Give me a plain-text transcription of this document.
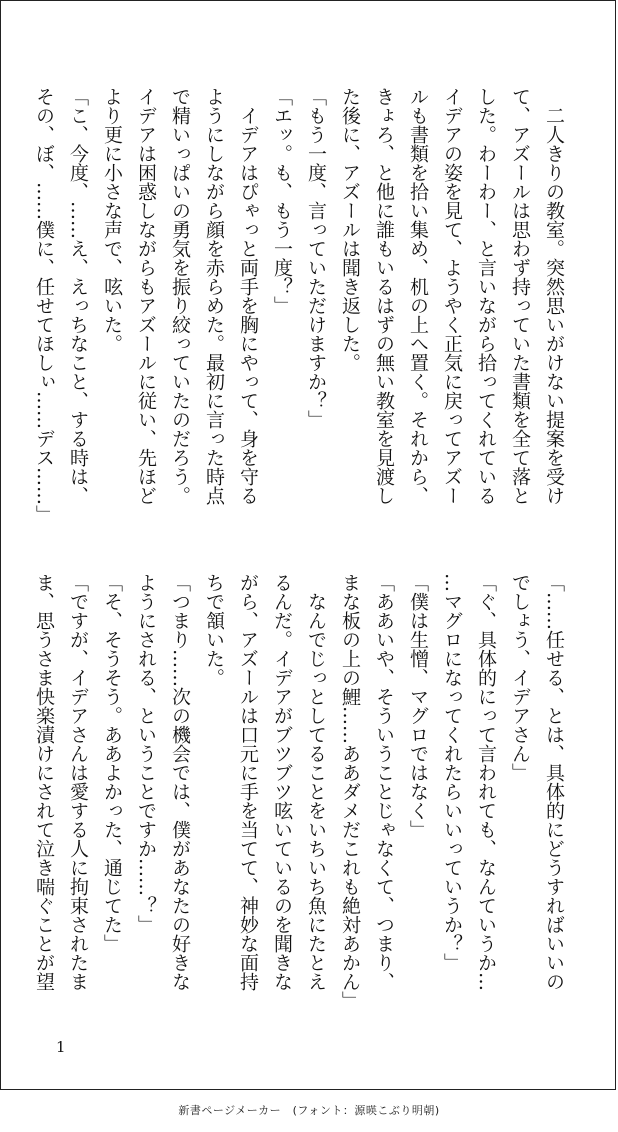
　二人きりの教室。突然思いがけない提案を受け
て、アズールは思わず持っていた書類を全て落と
した。わーわー、と言いながら拾ってくれている
イデアの姿を見て、ようやく正気に戻ってアズー
ルも書類を拾い集め、机の上へ置く。それから、
きょろ、と他に誰もいるはずの無い教室を見渡し
た後に、アズールは聞き返した。
「もう一度、言っていただけますか？」
「エッ。も、もう一度？」
　イデアはぴゃっと両手を胸にやって、身を守る
ようにしながら顔を赤らめた。最初に言った時点
で精いっぱいの勇気を振り絞っていたのだろう。
イデアは困惑しながらもアズールに従い、先ほど
より更に小さな声で、呟いた。
「こ、今度、……え、えっちなこと、する時は、
その、ぼ、……僕に、任せてほしぃ……デス……」
「……任せる、とは、具体的にどうすればいいの
でしょう、イデアさん」
「ぐ、具体的にって言われても、なんていうか…
…マグロになってくれたらいいっていうか？」
「僕は生憎、マグロではなく」
「ああいや、そういうことじゃなくて、つまり、
まな板の上の鯉……ああダメだこれも絶対あかん」
　なんでじっとしてることをいちいち魚にたとえ
るんだ。イデアがブツブツ呟いているのを聞きな
がら、アズールは口元に手を当てて、神妙な面持
ちで頷いた。
「つまり……次の機会では、僕があなたの好きな
ようにされる、ということですか……？」
「そ、そうそう。ああよかった、通じてた」
「ですが、イデアさんは愛する人に拘束されたま
ま、思うさま快楽漬けにされて泣き喘ぐことが望
1
新書ページメーカー　(フォント：源暎こぶり明朝)
